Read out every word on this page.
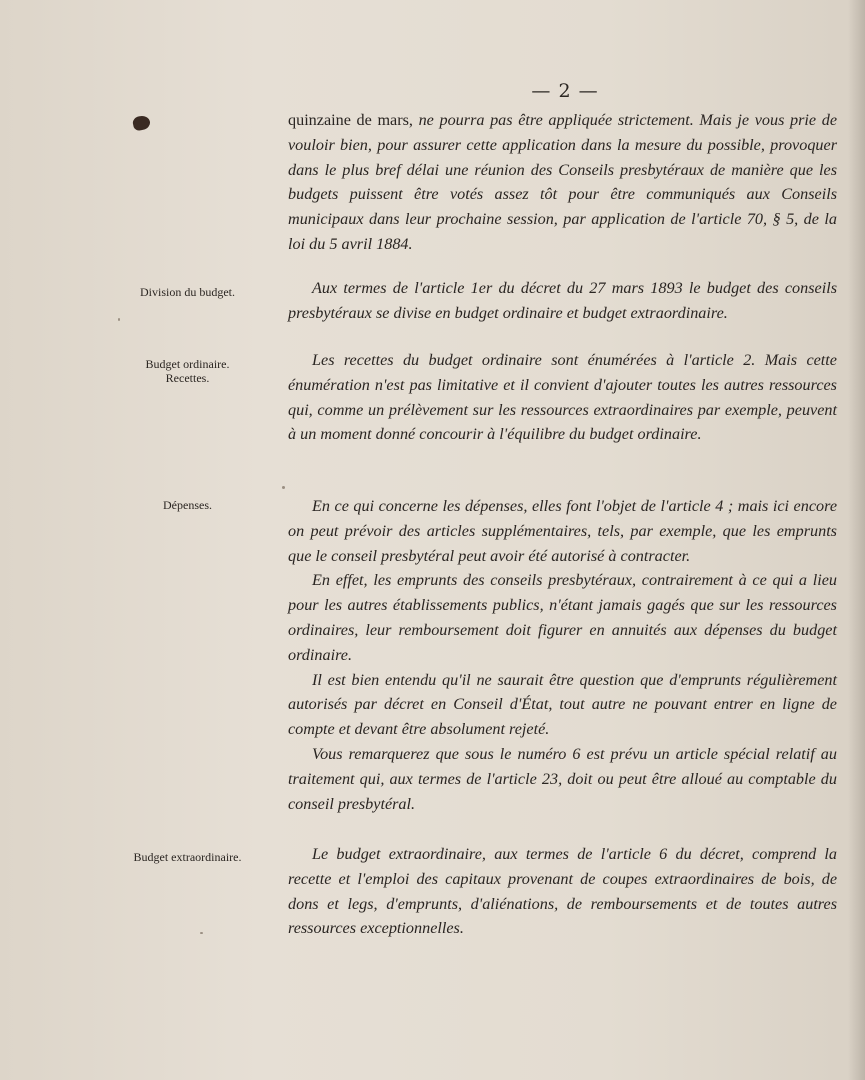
— 2 —
Division du budget.
Budget ordinaire.
Recettes.
Dépenses.
Budget extraordinaire.

quinzaine de mars, ne pourra pas être appliquée strictement. Mais je vous prie de vouloir bien, pour assurer cette application dans la mesure du possible, provoquer dans le plus bref délai une réunion des Conseils presbytéraux de manière que les budgets puissent être votés assez tôt pour être communiqués aux Conseils municipaux dans leur prochaine session, par application de l'article 70, § 5, de la loi du 5 avril 1884.

Aux termes de l'article 1er du décret du 27 mars 1893 le budget des conseils presbytéraux se divise en budget ordinaire et budget extraordinaire.

Les recettes du budget ordinaire sont énumérées à l'article 2. Mais cette énumération n'est pas limitative et il convient d'ajouter toutes les autres ressources qui, comme un prélèvement sur les ressources extraordinaires par exemple, peuvent à un moment donné concourir à l'équilibre du budget ordinaire.

En ce qui concerne les dépenses, elles font l'objet de l'article 4 ; mais ici encore on peut prévoir des articles supplémentaires, tels, par exemple, que les emprunts que le conseil presbytéral peut avoir été autorisé à contracter.

En effet, les emprunts des conseils presbytéraux, contrairement à ce qui a lieu pour les autres établissements publics, n'étant jamais gagés que sur les ressources ordinaires, leur remboursement doit figurer en annuités aux dépenses du budget ordinaire.

Il est bien entendu qu'il ne saurait être question que d'emprunts régulièrement autorisés par décret en Conseil d'État, tout autre ne pouvant entrer en ligne de compte et devant être absolument rejeté.

Vous remarquerez que sous le numéro 6 est prévu un article spécial relatif au traitement qui, aux termes de l'article 23, doit ou peut être alloué au comptable du conseil presbytéral.

Le budget extraordinaire, aux termes de l'article 6 du décret, comprend la recette et l'emploi des capitaux provenant de coupes extraordinaires de bois, de dons et legs, d'emprunts, d'aliénations, de remboursements et de toutes autres ressources exceptionnelles.
